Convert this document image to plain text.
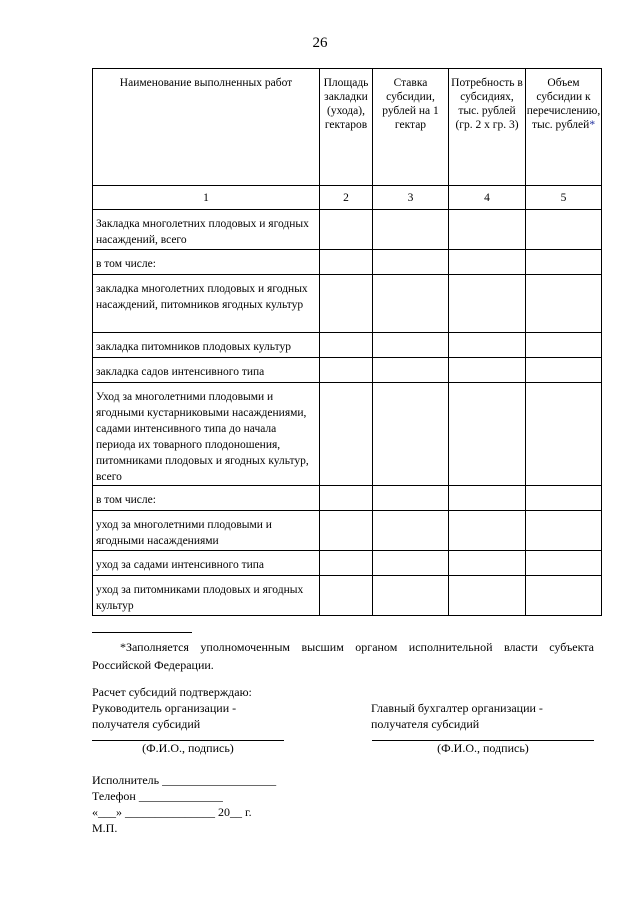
26
Наименование выполненных работ	Площадь закладки (ухода), гектаров	Ставка субсидии, рублей на 1 гектар	Потребность в субсидиях, тыс. рублей (гр. 2 х гр. 3)	Объем субсидии к перечислению, тыс. рублей*
1	2	3	4	5
Закладка многолетних плодовых и ягодных насаждений, всего				
в том числе:				
закладка многолетних плодовых и ягодных насаждений, питомников ягодных культур				
закладка питомников плодовых культур				
закладка садов интенсивного типа				
Уход за многолетними плодовыми и ягодными кустарниковыми насаждениями, садами интенсивного типа до начала периода их товарного плодоношения, питомниками плодовых и ягодных культур, всего				
в том числе:				
уход за многолетними плодовыми и ягодными насаждениями				
уход за садами интенсивного типа				
уход за питомниками плодовых и ягодных культур				
*Заполняется уполномоченным высшим органом исполнительной власти субъекта Российской Федерации.
Расчет субсидий подтверждаю:
Руководитель организации -
получателя субсидий
Главный бухгалтер организации -
получателя субсидий
(Ф.И.О., подпись)	(Ф.И.О., подпись)
Исполнитель ___________________
Телефон ______________
«___» _______________ 20__ г.
М.П.
